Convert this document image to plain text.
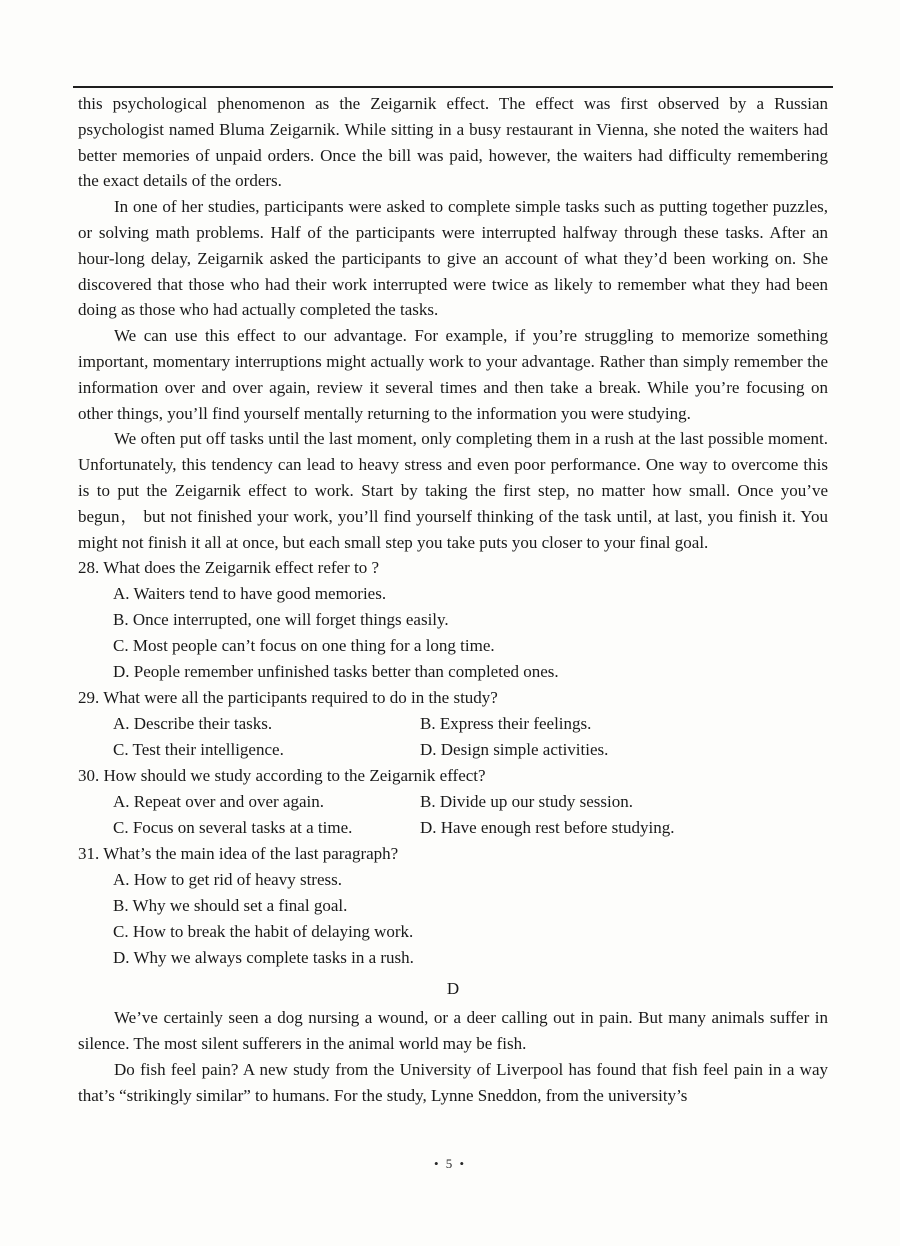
this psychological phenomenon as the Zeigarnik effect. The effect was first observed by a Russian psychologist named Bluma Zeigarnik. While sitting in a busy restaurant in Vienna, she noted the waiters had better memories of unpaid orders. Once the bill was paid, however, the waiters had difficulty remembering the exact details of the orders.

In one of her studies, participants were asked to complete simple tasks such as putting together puzzles, or solving math problems. Half of the participants were interrupted halfway through these tasks. After an hour-long delay, Zeigarnik asked the participants to give an account of what they’d been working on. She discovered that those who had their work interrupted were twice as likely to remember what they had been doing as those who had actually completed the tasks.

We can use this effect to our advantage. For example, if you’re struggling to memorize something important, momentary interruptions might actually work to your advantage. Rather than simply remember the information over and over again, review it several times and then take a break. While you’re focusing on other things, you’ll find yourself mentally returning to the information you were studying.

We often put off tasks until the last moment, only completing them in a rush at the last possible moment. Unfortunately, this tendency can lead to heavy stress and even poor performance. One way to overcome this is to put the Zeigarnik effect to work. Start by taking the first step, no matter how small. Once you’ve begun， but not finished your work, you’ll find yourself thinking of the task until, at last, you finish it. You might not finish it all at once, but each small step you take puts you closer to your final goal.

28. What does the Zeigarnik effect refer to ?

A. Waiters tend to have good memories.

B. Once interrupted, one will forget things easily.

C. Most people can’t focus on one thing for a long time.

D. People remember unfinished tasks better than completed ones.

29. What were all the participants required to do in the study?

A. Describe their tasks.	B. Express their feelings.

C. Test their intelligence.	D. Design simple activities.

30. How should we study according to the Zeigarnik effect?

A. Repeat over and over again.	B. Divide up our study session.

C. Focus on several tasks at a time.	D. Have enough rest before studying.

31. What’s the main idea of the last paragraph?

A. How to get rid of heavy stress.

B. Why we should set a final goal.

C. How to break the habit of delaying work.

D. Why we always complete tasks in a rush.

D

We’ve certainly seen a dog nursing a wound, or a deer calling out in pain. But many animals suffer in silence. The most silent sufferers in the animal world may be fish.

Do fish feel pain? A new study from the University of Liverpool has found that fish feel pain in a way that’s “strikingly similar” to humans. For the study, Lynne Sneddon, from the university’s

• 5 •
